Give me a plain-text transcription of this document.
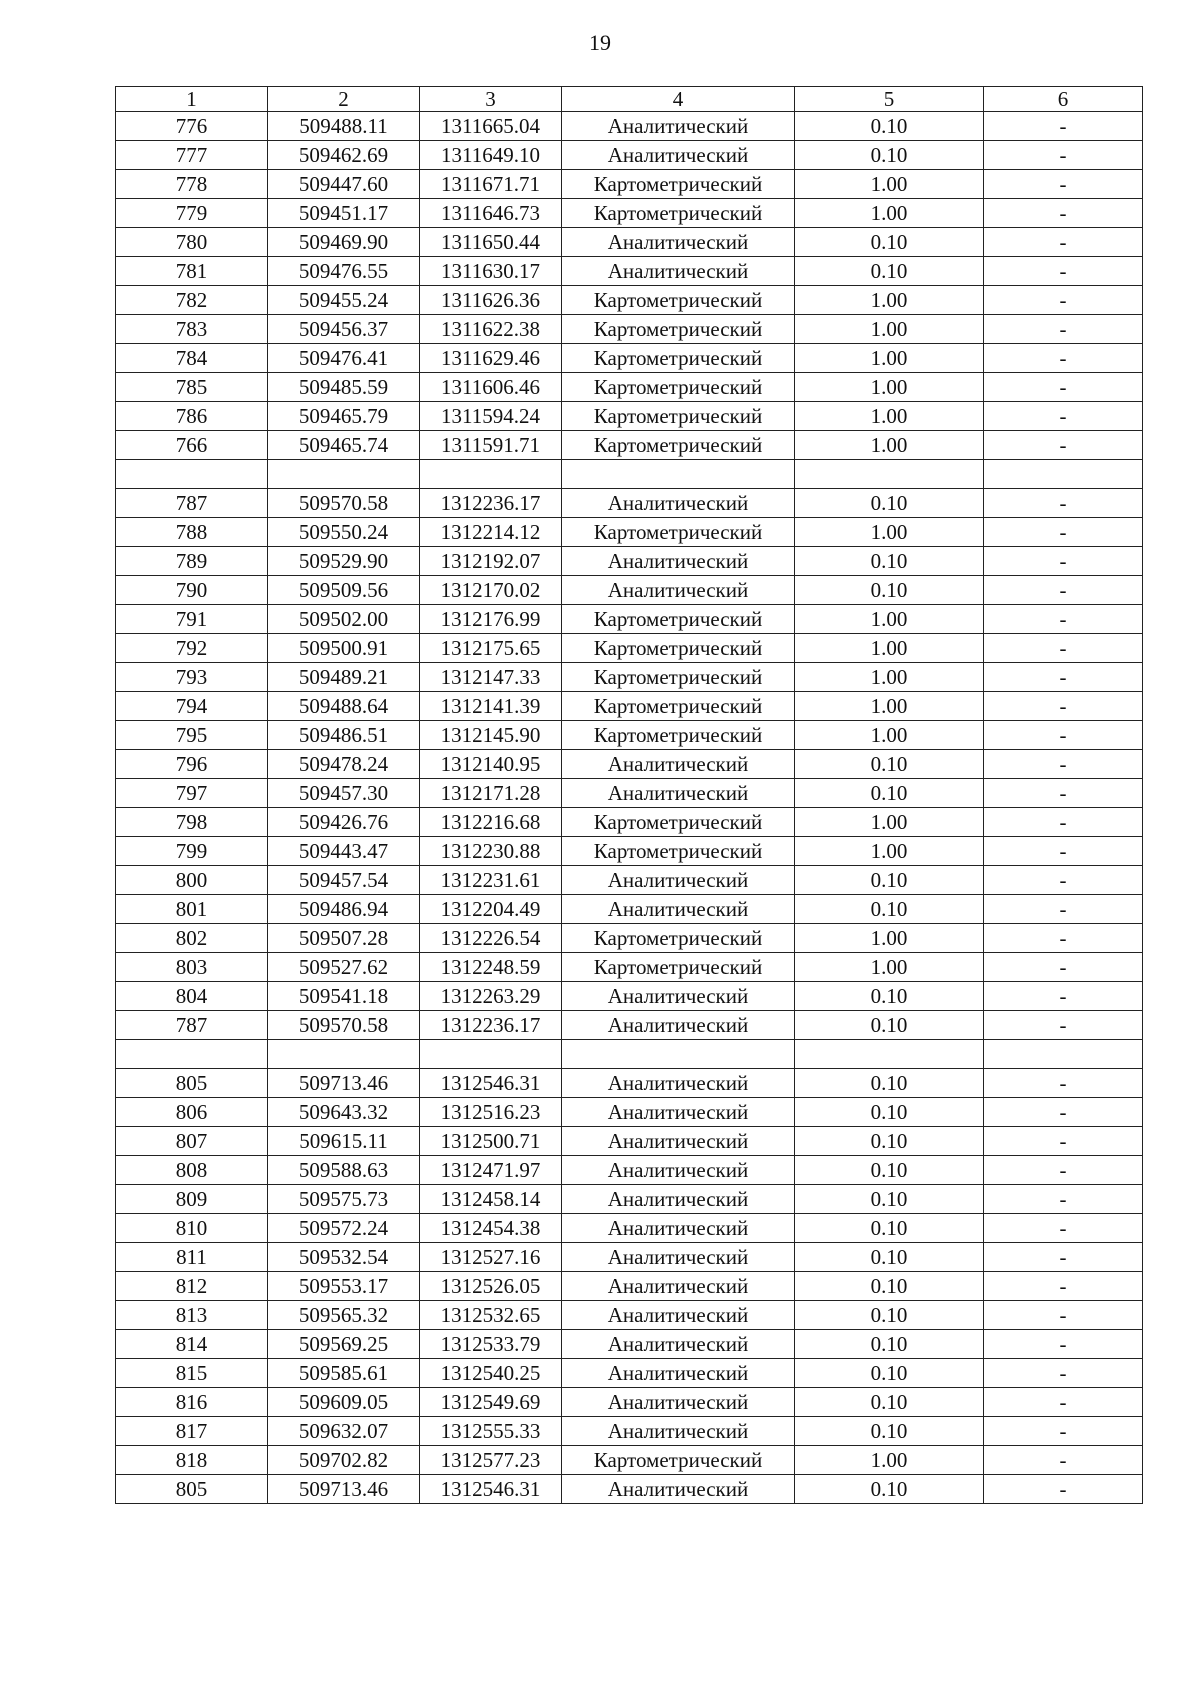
19
1	2	3	4	5	6
776	509488.11	1311665.04	Аналитический	0.10	-
777	509462.69	1311649.10	Аналитический	0.10	-
778	509447.60	1311671.71	Картометрический	1.00	-
779	509451.17	1311646.73	Картометрический	1.00	-
780	509469.90	1311650.44	Аналитический	0.10	-
781	509476.55	1311630.17	Аналитический	0.10	-
782	509455.24	1311626.36	Картометрический	1.00	-
783	509456.37	1311622.38	Картометрический	1.00	-
784	509476.41	1311629.46	Картометрический	1.00	-
785	509485.59	1311606.46	Картометрический	1.00	-
786	509465.79	1311594.24	Картометрический	1.00	-
766	509465.74	1311591.71	Картометрический	1.00	-

787	509570.58	1312236.17	Аналитический	0.10	-
788	509550.24	1312214.12	Картометрический	1.00	-
789	509529.90	1312192.07	Аналитический	0.10	-
790	509509.56	1312170.02	Аналитический	0.10	-
791	509502.00	1312176.99	Картометрический	1.00	-
792	509500.91	1312175.65	Картометрический	1.00	-
793	509489.21	1312147.33	Картометрический	1.00	-
794	509488.64	1312141.39	Картометрический	1.00	-
795	509486.51	1312145.90	Картометрический	1.00	-
796	509478.24	1312140.95	Аналитический	0.10	-
797	509457.30	1312171.28	Аналитический	0.10	-
798	509426.76	1312216.68	Картометрический	1.00	-
799	509443.47	1312230.88	Картометрический	1.00	-
800	509457.54	1312231.61	Аналитический	0.10	-
801	509486.94	1312204.49	Аналитический	0.10	-
802	509507.28	1312226.54	Картометрический	1.00	-
803	509527.62	1312248.59	Картометрический	1.00	-
804	509541.18	1312263.29	Аналитический	0.10	-
787	509570.58	1312236.17	Аналитический	0.10	-

805	509713.46	1312546.31	Аналитический	0.10	-
806	509643.32	1312516.23	Аналитический	0.10	-
807	509615.11	1312500.71	Аналитический	0.10	-
808	509588.63	1312471.97	Аналитический	0.10	-
809	509575.73	1312458.14	Аналитический	0.10	-
810	509572.24	1312454.38	Аналитический	0.10	-
811	509532.54	1312527.16	Аналитический	0.10	-
812	509553.17	1312526.05	Аналитический	0.10	-
813	509565.32	1312532.65	Аналитический	0.10	-
814	509569.25	1312533.79	Аналитический	0.10	-
815	509585.61	1312540.25	Аналитический	0.10	-
816	509609.05	1312549.69	Аналитический	0.10	-
817	509632.07	1312555.33	Аналитический	0.10	-
818	509702.82	1312577.23	Картометрический	1.00	-
805	509713.46	1312546.31	Аналитический	0.10	-
